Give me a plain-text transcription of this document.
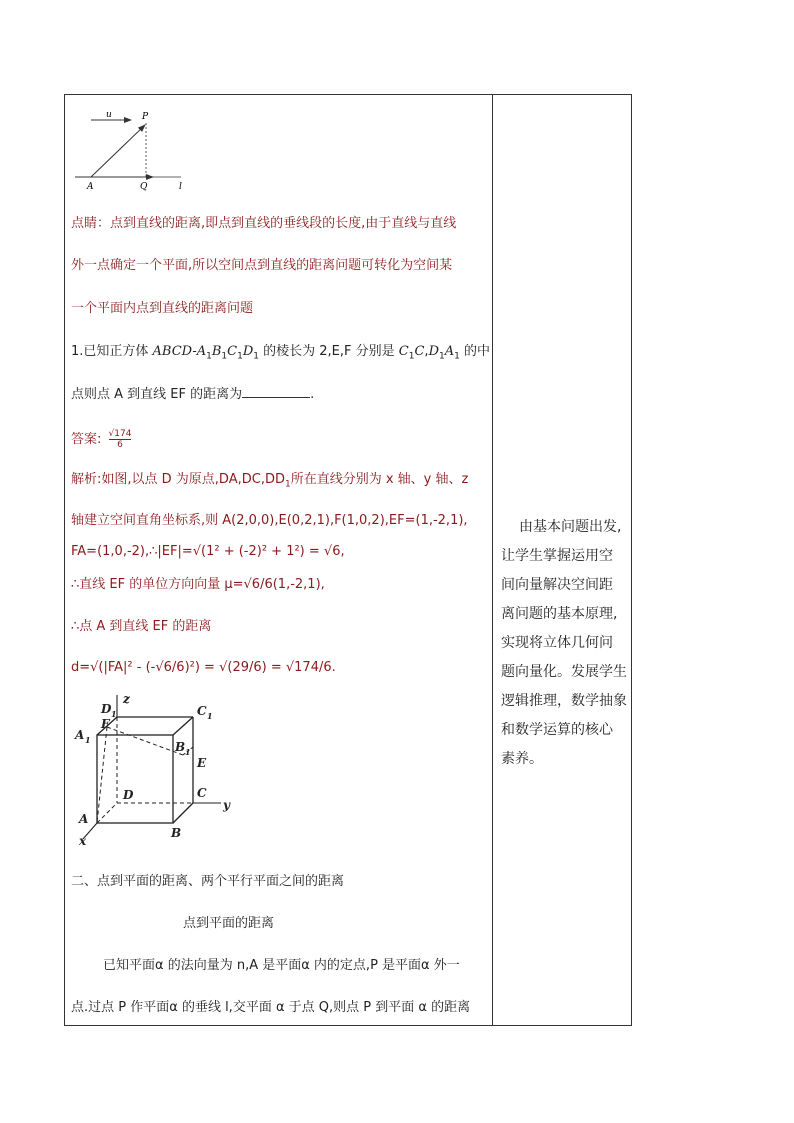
u	P
A	Q	l
点睛：点到直线的距离,即点到直线的垂线段的长度,由于直线与直线
外一点确定一个平面,所以空间点到直线的距离问题可转化为空间某
一个平面内点到直线的距离问题
1.已知正方体 ABCD-$A_1B_1C_1D_1$ 的棱长为 2,E,F 分别是 $C_1C,D_1A_1$ 的中
点则点 A 到直线 EF 的距离为	.
答案: $\frac{√174}{6}$
解析:如图,以点 D 为原点$,DA,DC,DD_1$所在直线分别为 x 轴、y 轴、z
轴建立空间直角坐标系,则 A(2,0,0),E(0,2,1),F(1,0,2),EF=(1,-2,1),
FA=(1,0,-2),∴|EF|=√(1² + (-2)² + 1²) = √6,
∴直线 EF 的单位方向向量 μ=√6/6(1,-2,1),
∴点 A 到直线 EF 的距离
d=√(|FA|² - (-√6/6)²) = √(29/6) = √174/6.
z
D 1	C 1
F
A 1	B 1
E
D	C
y
A
B
x
二、点到平面的距离、两个平行平面之间的距离
点到平面的距离
已知平面α 的法向量为 n,A 是平面α 内的定点,P 是平面α 外一
点.过点 P 作平面α 的垂线 l,交平面 α 于点 Q,则点 P 到平面 α 的距离
由基本问题出发,
让学生掌握运用空
间向量解决空间距
离问题的基本原理,
实现将立体几何问
题向量化。发展学生
逻辑推理，数学抽象
和数学运算的核心
素养。
